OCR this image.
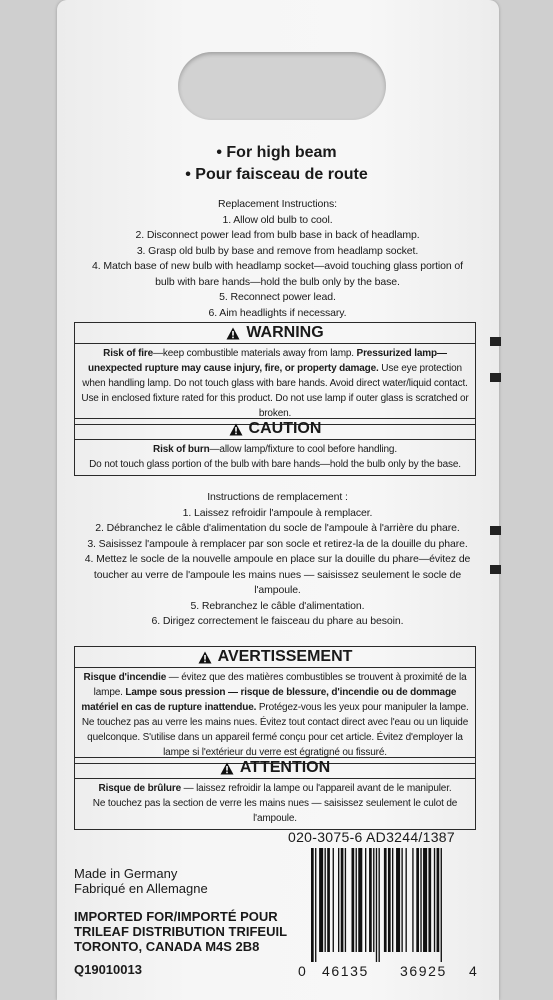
• For high beam
• Pour faisceau de route
Replacement Instructions:
1. Allow old bulb to cool.
2. Disconnect power lead from bulb base in back of headlamp.
3. Grasp old bulb by base and remove from headlamp socket.
4. Match base of new bulb with headlamp socket—avoid touching glass portion of
bulb with bare hands—hold the bulb only by the base.
5. Reconnect power lead.
6. Aim headlights if necessary.
WARNING
Risk of fire—keep combustible materials away from lamp. Pressurized lamp—unexpected rupture may cause injury, fire, or property damage. Use eye protection when handling lamp. Do not touch glass with bare hands. Avoid direct water/liquid contact. Use in enclosed fixture rated for this product. Do not use lamp if outer glass is scratched or broken.
CAUTION
Risk of burn—allow lamp/fixture to cool before handling.
Do not touch glass portion of the bulb with bare hands—hold the bulb only by the base.
Instructions de remplacement :
1. Laissez refroidir l'ampoule à remplacer.
2. Débranchez le câble d'alimentation du socle de l'ampoule à l'arrière du phare.
3. Saisissez l'ampoule à remplacer par son socle et retirez-la de la douille du phare.
4. Mettez le socle de la nouvelle ampoule en place sur la douille du phare—évitez de
toucher au verre de l'ampoule les mains nues — saisissez seulement le socle de l'ampoule.
5. Rebranchez le câble d'alimentation.
6. Dirigez correctement le faisceau du phare au besoin.
AVERTISSEMENT
Risque d'incendie — évitez que des matières combustibles se trouvent à proximité de la lampe. Lampe sous pression — risque de blessure, d'incendie ou de dommage matériel en cas de rupture inattendue. Protégez-vous les yeux pour manipuler la lampe. Ne touchez pas au verre les mains nues. Évitez tout contact direct avec l'eau ou un liquide quelconque. S'utilise dans un appareil fermé conçu pour cet article. Évitez d'employer la lampe si l'extérieur du verre est égratigné ou fissuré.
ATTENTION
Risque de brûlure — laissez refroidir la lampe ou l'appareil avant de le manipuler.
Ne touchez pas la section de verre les mains nues — saisissez seulement le culot de l'ampoule.
020-3075-6 AD3244/1387
Made in Germany
Fabriqué en Allemagne
IMPORTED FOR/IMPORTÉ POUR
TRILEAF DISTRIBUTION TRIFEUIL
TORONTO, CANADA M4S 2B8
Q19010013	0 46135 36925 4
